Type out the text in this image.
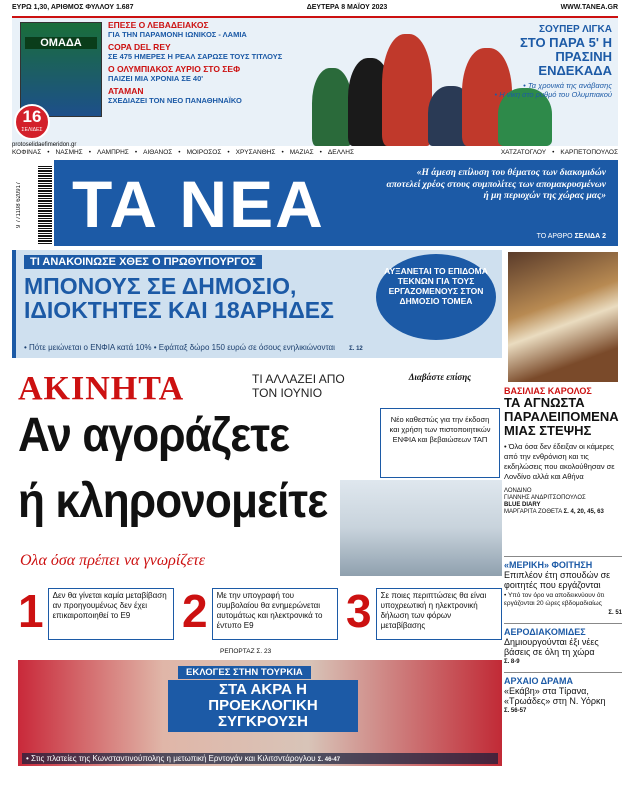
ΕΥΡΩ 1,30, ΑΡΙΘΜΟΣ ΦΥΛΛΟΥ 1.687	ΔΕΥΤΕΡΑ 8 ΜΑΪΟΥ 2023	WWW.TANEA.GR
ΟΜΑΔΑ
16
ΣΕΛΙΔΕΣ
protoselidaefimeridon.gr
ΕΠΕΣΕ Ο ΛΕΒΑΔΕΙΑΚΟΣ
ΓΙΑ ΤΗΝ ΠΑΡΑΜΟΝΗ ΙΩΝΙΚΟΣ - ΛΑΜΙΑ
COPA DEL REY
ΣΕ 475 ΗΜΕΡΕΣ Η ΡΕΑΛ ΣΑΡΩΣΕ ΤΟΥΣ ΤΙΤΛΟΥΣ
Ο ΟΛΥΜΠΙΑΚΟΣ ΑΥΡΙΟ ΣΤΟ ΣΕΦ
ΠΑΙΖΕΙ ΜΙΑ ΧΡΟΝΙΑ ΣΕ 40'
ΑΤΑΜΑΝ
ΣΧΕΔΙΑΖΕΙ ΤΟΝ ΝΕΟ ΠΑΝΑΘΗΝΑΪΚΟ
ΣΟΥΠΕΡ ΛΙΓΚΑ
ΣΤΟ ΠΑΡΑ 5' Η ΠΡΑΣΙΝΗ ΕΝΔΕΚΑΔΑ
• Τα χρονικά της ανάβασης
• Η νίκη στο ρυθμό του Ολυμπιακού
ΚΟΦΙΝΑΣ • ΝΑΣΜΗΣ • ΛΑΜΠΡΗΣ • ΑΙΘΑΝΟΣ • ΜΟΙΡΟΣΟΣ • ΧΡΥΣΑΝΘΗΣ • ΜΑΖΙΑΣ • ΔΕΛΛΗΣ	ΧΑΤΖΑΤΟΓΛΟΥ • ΚΑΡΠΕΤΟΠΟΥΛΟΣ
9 771108 620917 ΤΑ ΝΕΑ	«Η άμεση επίλυση του θέματος των διακομιδών αποτελεί χρέος στους συμπολίτες των απομακρυσμένων ή μη περιοχών της χώρας μας»
ΤΟ ΑΡΘΡΟ ΣΕΛΙΔΑ 2
ΤΙ ΑΝΑΚΟΙΝΩΣΕ ΧΘΕΣ Ο ΠΡΩΘΥΠΟΥΡΓΟΣ
ΜΠΟΝΟΥΣ ΣΕ ΔΗΜΟΣΙΟ, ΙΔΙΟΚΤΗΤΕΣ ΚΑΙ 18ΑΡΗΔΕΣ
• Πότε μειώνεται ο ΕΝΦΙΑ κατά 10% • Εφάπαξ δώρο 150 ευρώ σε όσους ενηλικιώνονται Σ. 12
ΑΥΞΑΝΕΤΑΙ ΤΟ ΕΠΙΔΟΜΑ ΤΕΚΝΩΝ ΓΙΑ ΤΟΥΣ ΕΡΓΑΖΟΜΕΝΟΥΣ ΣΤΟΝ ΔΗΜΟΣΙΟ ΤΟΜΕΑ
ΒΑΣΙΛΙΑΣ ΚΑΡΟΛΟΣ
ΤΑ ΑΓΝΩΣΤΑ ΠΑΡΑΛΕΙΠΟΜΕΝΑ ΜΙΑΣ ΣΤΕΨΗΣ
• Όλα όσα δεν έδειξαν οι κάμερες από την ενθρόνιση και τις εκδηλώσεις που ακολούθησαν σε Λονδίνο αλλά και Αθήνα
ΛΟΝΔΙΝΟ
ΓΙΑΝΝΗΣ ΑΝΔΡΙΤΣΟΠΟΥΛΟΣ
BLUE DIARY
ΜΑΡΓΑΡΙΤΑ ΖΟΘΕΤΑ Σ. 4, 20, 45, 63
ΑΚΙΝΗΤΑ	ΤΙ ΑΛΛΑΖΕΙ ΑΠΟ ΤΟΝ ΙΟΥΝΙΟ
Διαβάστε επίσης
Νέο καθεστώς για την έκδοση και χρήση των πιστοποιητικών ΕΝΦΙΑ και βεβαιώσεων ΤΑΠ
Αν αγοράζετε
ή κληρονομείτε
Ολα όσα πρέπει να γνωρίζετε
1	Δεν θα γίνεται καμία μεταβίβαση αν προηγουμένως δεν έχει επικαιροποιηθεί το Ε9	2	Με την υπογραφή του συμβολαίου θα ενημερώνεται αυτομάτως και ηλεκτρονικά το έντυπο Ε9	3	Σε ποιες περιπτώσεις θα είναι υποχρεωτική η ηλεκτρονική δήλωση των φόρων μεταβίβασης
ΡΕΠΟΡΤΑΖ Σ. 23
ΕΚΛΟΓΕΣ ΣΤΗΝ ΤΟΥΡΚΙΑ
ΣΤΑ ΑΚΡΑ Η ΠΡΟΕΚΛΟΓΙΚΗ ΣΥΓΚΡΟΥΣΗ
• Στις πλατείες της Κωνσταντινούπολης η μετωπική Ερντογάν και Κιλιτσντάρογλου Σ. 46-47
«ΜΕΡΙΚΗ» ΦΟΙΤΗΣΗ
Επιπλέον έτη σπουδών σε φοιτητές που εργάζονται
• Υπό τον όρο να αποδεικνύουν ότι εργάζονται 20 ώρες εβδομαδιαίως
Σ. 51
ΑΕΡΟΔΙΑΚΟΜΙΔΕΣ
Δημιουργούνται έξι νέες βάσεις σε όλη τη χώρα
Σ. 8-9
ΑΡΧΑΙΟ ΔΡΑΜΑ
«Εκάβη» στα Τίρανα, «Τρωάδες» στη Ν. Υόρκη
Σ. 56-57
